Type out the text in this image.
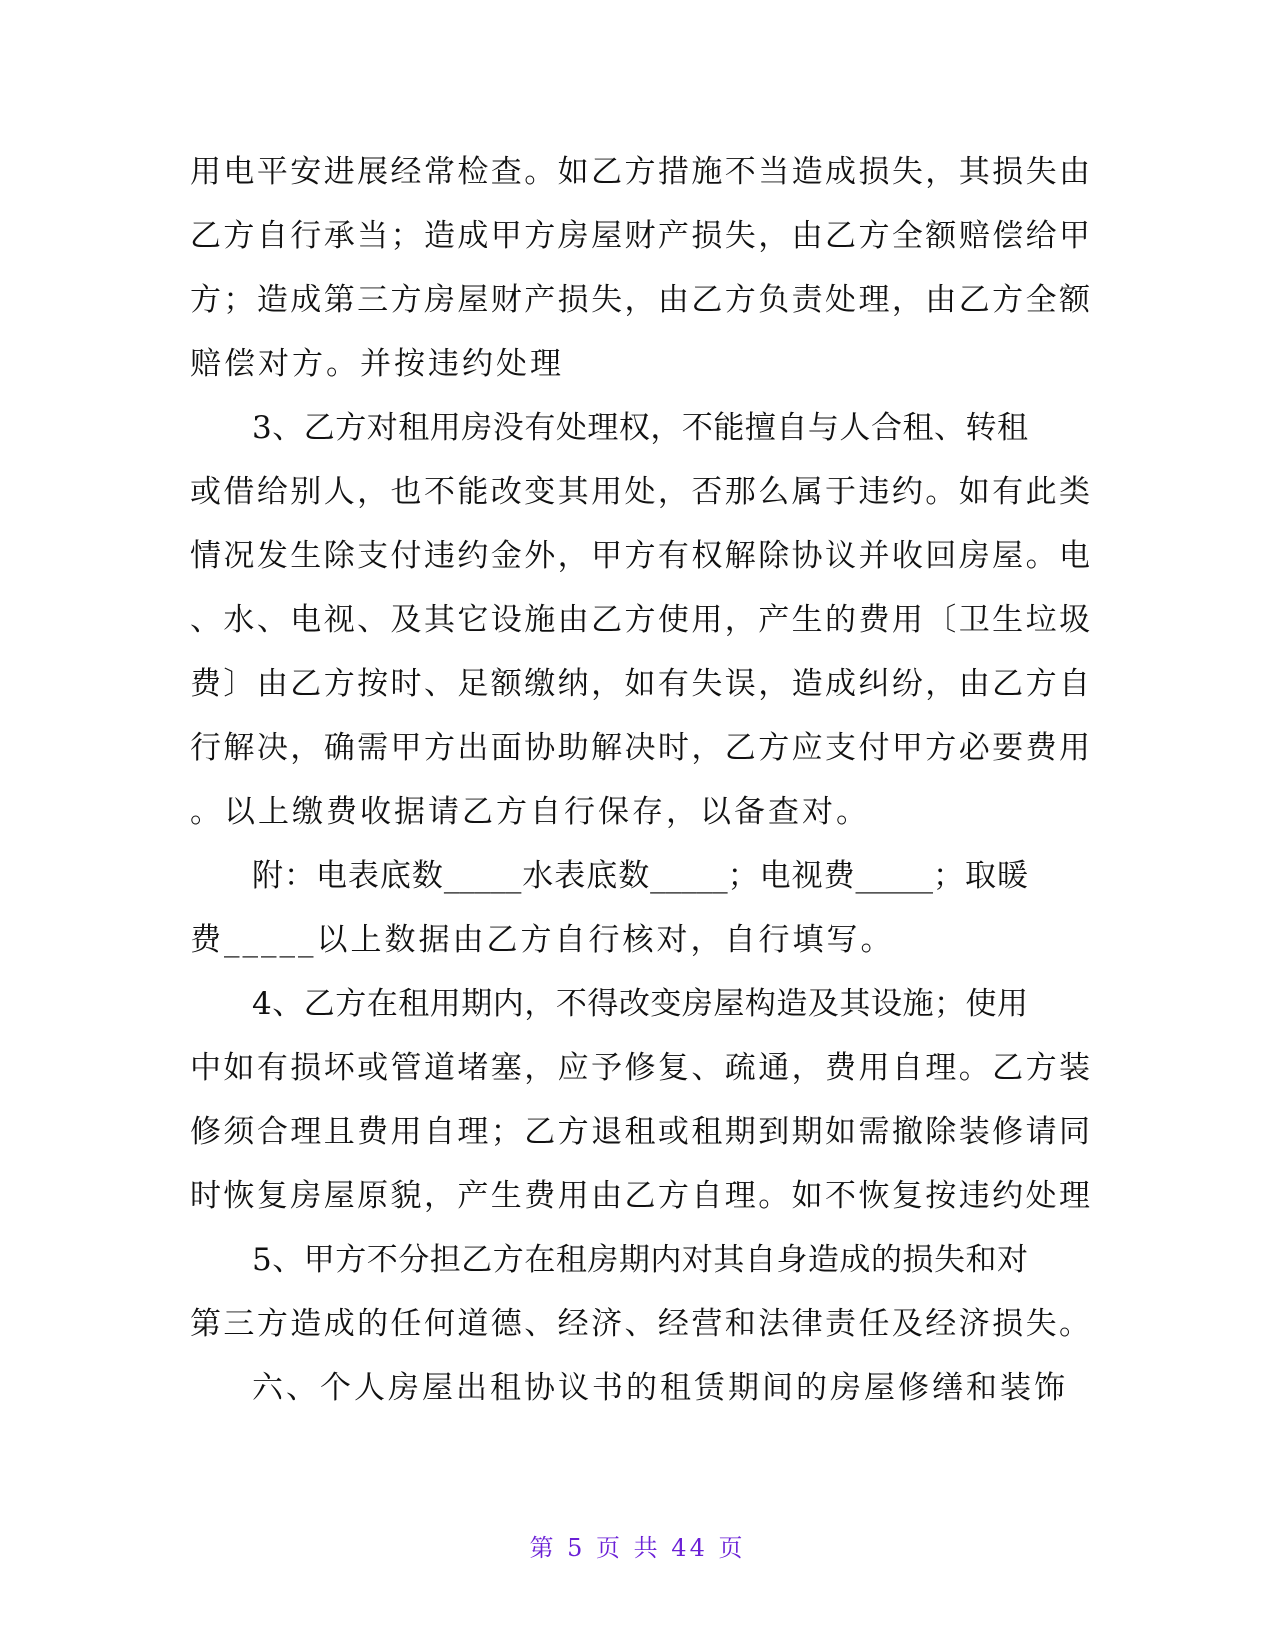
用电平安进展经常检查。如乙方措施不当造成损失，其损失由
乙方自行承当；造成甲方房屋财产损失，由乙方全额赔偿给甲
方；造成第三方房屋财产损失，由乙方负责处理，由乙方全额
赔偿对方。并按违约处理
3、乙方对租用房没有处理权，不能擅自与人合租、转租
或借给别人，也不能改变其用处，否那么属于违约。如有此类
情况发生除支付违约金外，甲方有权解除协议并收回房屋。电
、水、电视、及其它设施由乙方使用，产生的费用〔卫生垃圾
费〕由乙方按时、足额缴纳，如有失误，造成纠纷，由乙方自
行解决，确需甲方出面协助解决时，乙方应支付甲方必要费用
。以上缴费收据请乙方自行保存，以备查对。
附：电表底数_____水表底数_____；电视费_____；取暖
费_____以上数据由乙方自行核对，自行填写。
4、乙方在租用期内，不得改变房屋构造及其设施；使用
中如有损坏或管道堵塞，应予修复、疏通，费用自理。乙方装
修须合理且费用自理；乙方退租或租期到期如需撤除装修请同
时恢复房屋原貌，产生费用由乙方自理。如不恢复按违约处理
5、甲方不分担乙方在租房期内对其自身造成的损失和对
第三方造成的任何道德、经济、经营和法律责任及经济损失。
六、个人房屋出租协议书的租赁期间的房屋修缮和装饰
第 5 页 共 44 页
